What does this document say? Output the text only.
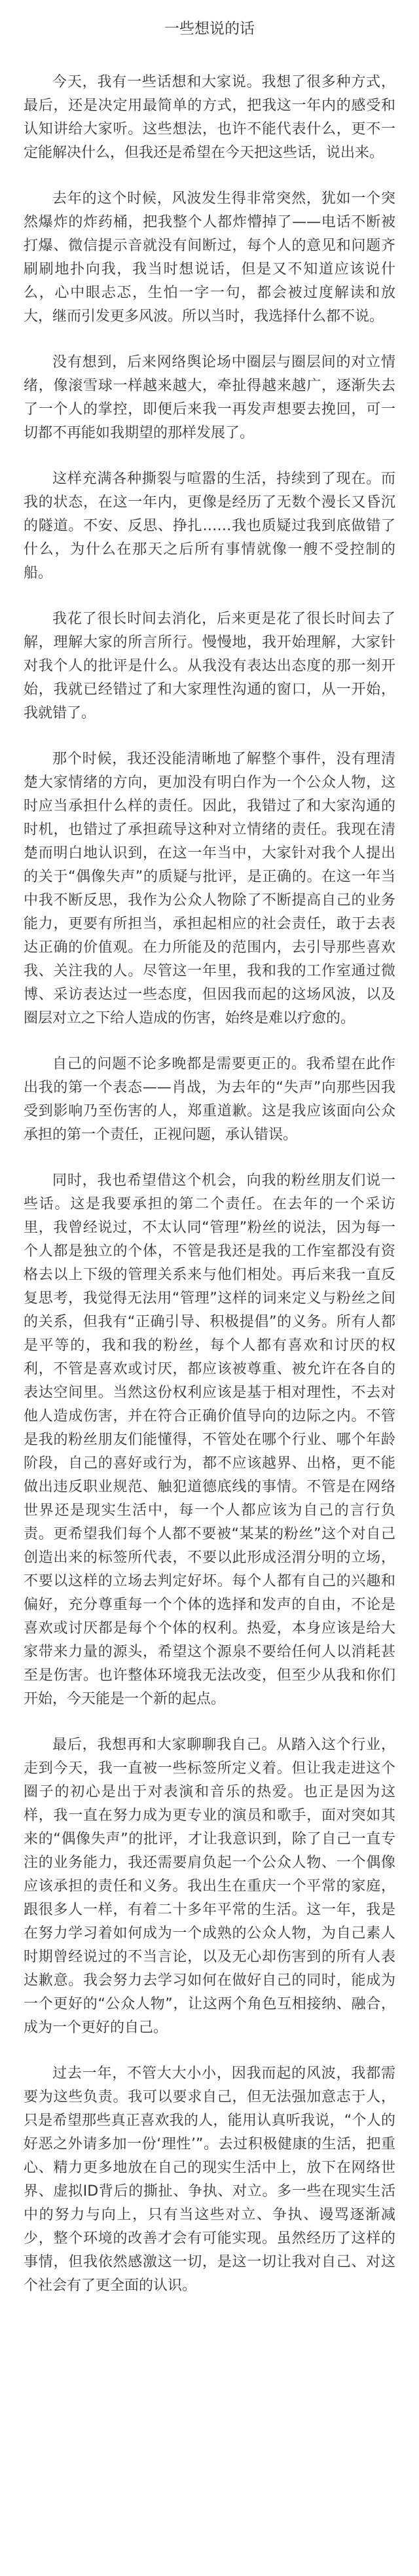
一些想说的话

今天，我有一些话想和大家说。我想了很多种方式，最后，还是决定用最简单的方式，把我这一年内的感受和认知讲给大家听。这些想法，也许不能代表什么，更不一定能解决什么，但我还是希望在今天把这些话，说出来。

去年的这个时候，风波发生得非常突然，犹如一个突然爆炸的炸药桶，把我整个人都炸懵掉了——电话不断被打爆、微信提示音就没有间断过，每个人的意见和问题齐刷刷地扑向我，我当时想说话，但是又不知道应该说什么，心中眼忐忑，生怕一字一句，都会被过度解读和放大，继而引发更多风波。所以当时，我选择什么都不说。

没有想到，后来网络舆论场中圈层与圈层间的对立情绪，像滚雪球一样越来越大，牵扯得越来越广，逐渐失去了一个人的掌控，即便后来我一再发声想要去挽回，可一切都不再能如我期望的那样发展了。

这样充满各种撕裂与喧嚣的生活，持续到了现在。而我的状态，在这一年内，更像是经历了无数个漫长又昏沉的隧道。不安、反思、挣扎……我也质疑过我到底做错了什么，为什么在那天之后所有事情就像一艘不受控制的船。

我花了很长时间去消化，后来更是花了很长时间去了解，理解大家的所言所行。慢慢地，我开始理解，大家针对我个人的批评是什么。从我没有表达出态度的那一刻开始，我就已经错过了和大家理性沟通的窗口，从一开始，我就错了。

那个时候，我还没能清晰地了解整个事件，没有理清楚大家情绪的方向，更加没有明白作为一个公众人物，这时应当承担什么样的责任。因此，我错过了和大家沟通的时机，也错过了承担疏导这种对立情绪的责任。我现在清楚而明白地认识到，在这一年当中，大家针对我个人提出的关于“偶像失声”的质疑与批评，是正确的。在这一年当中我不断反思，我作为公众人物除了不断提高自己的业务能力，更要有所担当，承担起相应的社会责任，敢于去表达正确的价值观。在力所能及的范围内，去引导那些喜欢我、关注我的人。尽管这一年里，我和我的工作室通过微博、采访表达过一些态度，但因我而起的这场风波，以及圈层对立之下给人造成的伤害，始终是难以疗愈的。

自己的问题不论多晚都是需要更正的。我希望在此作出我的第一个表态——肖战，为去年的“失声”向那些因我受到影响乃至伤害的人，郑重道歉。这是我应该面向公众承担的第一个责任，正视问题，承认错误。

同时，我也希望借这个机会，向我的粉丝朋友们说一些话。这是我要承担的第二个责任。在去年的一个采访里，我曾经说过，不太认同“管理”粉丝的说法，因为每一个人都是独立的个体，不管是我还是我的工作室都没有资格去以上下级的管理关系来与他们相处。再后来我一直反复思考，我觉得无法用“管理”这样的词来定义与粉丝之间的关系，但我有“正确引导、积极提倡”的义务。所有人都是平等的，我和我的粉丝，每个人都有喜欢和讨厌的权利，不管是喜欢或讨厌，都应该被尊重、被允许在各自的表达空间里。当然这份权利应该是基于相对理性，不去对他人造成伤害，并在符合正确价值导向的边际之内。不管是我的粉丝朋友们能懂得，不管处在哪个行业、哪个年龄阶段，自己的喜好或行为，都不应该越界、出格，更不能做出违反职业规范、触犯道德底线的事情。不管是在网络世界还是现实生活中，每一个人都应该为自己的言行负责。更希望我们每个人都不要被“某某的粉丝”这个对自己创造出来的标签所代表，不要以此形成泾渭分明的立场，不要以这样的立场去判定好坏。每个人都有自己的兴趣和偏好，充分尊重每一个个体的选择和发声的自由，不论是喜欢或讨厌都是每个个体的权利。热爱，本身应该是给大家带来力量的源头，希望这个源泉不要给任何人以消耗甚至是伤害。也许整体环境我无法改变，但至少从我和你们开始，今天能是一个新的起点。

最后，我想再和大家聊聊我自己。从踏入这个行业，走到今天，我一直被一些标签所定义着。但让我走进这个圈子的初心是出于对表演和音乐的热爱。也正是因为这样，我一直在努力成为更专业的演员和歌手，面对突如其来的“偶像失声”的批评，才让我意识到，除了自己一直专注的业务能力，我还需要肩负起一个公众人物、一个偶像应该承担的责任和义务。我出生在重庆一个平常的家庭，跟很多人一样，有着二十多年平常的生活。这一年，我是在努力学习着如何成为一个成熟的公众人物，为自己素人时期曾经说过的不当言论，以及无心却伤害到的所有人表达歉意。我会努力去学习如何在做好自己的同时，能成为一个更好的“公众人物”，让这两个角色互相接纳、融合，成为一个更好的自己。

过去一年，不管大大小小，因我而起的风波，我都需要为这些负责。我可以要求自己，但无法强加意志于人，只是希望那些真正喜欢我的人，能用认真听我说，“个人的好恶之外请多加一份‘理性’”。去过积极健康的生活，把重心、精力更多地放在自己的现实生活中上，放下在网络世界、虚拟ID背后的撕扯、争执、对立。多一些在现实生活中的努力与向上，只有当这些对立、争执、谩骂逐渐减少，整个环境的改善才会有可能实现。虽然经历了这样的事情，但我依然感激这一切，是这一切让我对自己、对这个社会有了更全面的认识。
